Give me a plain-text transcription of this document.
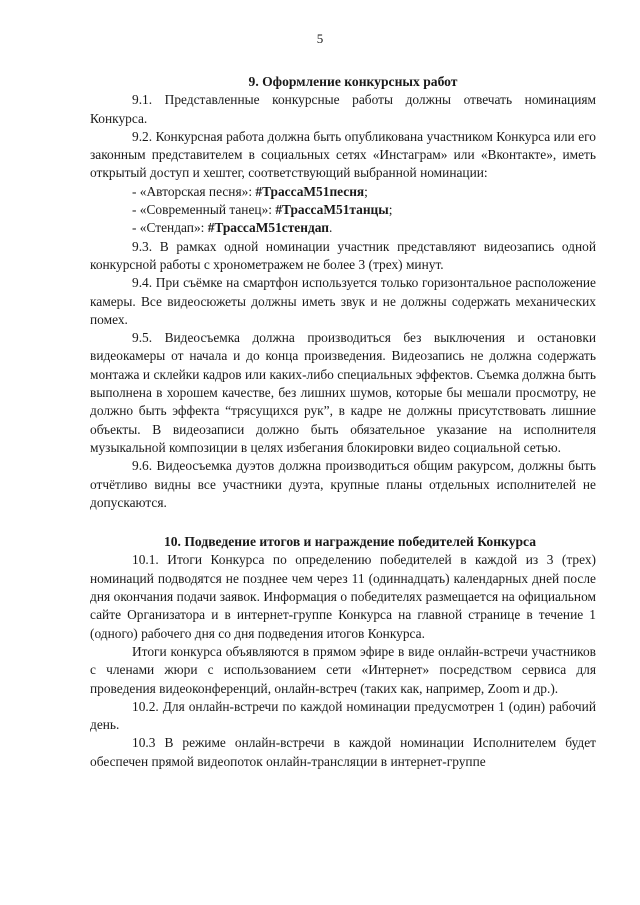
5
9. Оформление конкурсных работ

9.1. Представленные конкурсные работы должны отвечать номинациям Конкурса.

9.2. Конкурсная работа должна быть опубликована участником Конкурса или его законным представителем в социальных сетях «Инстаграм» или «Вконтакте», иметь открытый доступ и хештег, соответствующий выбранной номинации:

- «Авторская песня»: #ТрассаМ51песня;

- «Современный танец»: #ТрассаМ51танцы;

- «Стендап»: #ТрассаМ51стендап.

9.3. В рамках одной номинации участник представляют видеозапись одной конкурсной работы с хронометражем не более 3 (трех) минут.

9.4. При съёмке на смартфон используется только горизонтальное расположение камеры. Все видеосюжеты должны иметь звук и не должны содержать механических помех.

9.5. Видеосъемка должна производиться без выключения и остановки видеокамеры от начала и до конца произведения. Видеозапись не должна содержать монтажа и склейки кадров или каких-либо специальных эффектов. Съемка должна быть выполнена в хорошем качестве, без лишних шумов, которые бы мешали просмотру, не должно быть эффекта “трясущихся рук”, в кадре не должны присутствовать лишние объекты. В видеозаписи должно быть обязательное указание на исполнителя музыкальной композиции в целях избегания блокировки видео социальной сетью.

9.6. Видеосъемка дуэтов должна производиться общим ракурсом, должны быть отчётливо видны все участники дуэта, крупные планы отдельных исполнителей не допускаются.

10. Подведение итогов и награждение победителей Конкурса

10.1. Итоги Конкурса по определению победителей в каждой из 3 (трех) номинаций подводятся не позднее чем через 11 (одиннадцать) календарных дней после дня окончания подачи заявок. Информация о победителях размещается на официальном сайте Организатора и в интернет-группе Конкурса на главной странице в течение 1 (одного) рабочего дня со дня подведения итогов Конкурса.

Итоги конкурса объявляются в прямом эфире в виде онлайн-встречи участников с членами жюри с использованием сети «Интернет» посредством сервиса для проведения видеоконференций, онлайн-встреч (таких как, например, Zoom и др.).

10.2. Для онлайн-встречи по каждой номинации предусмотрен 1 (один) рабочий день.

10.3 В режиме онлайн-встречи в каждой номинации Исполнителем будет обеспечен прямой видеопоток онлайн-трансляции в интернет-группе
